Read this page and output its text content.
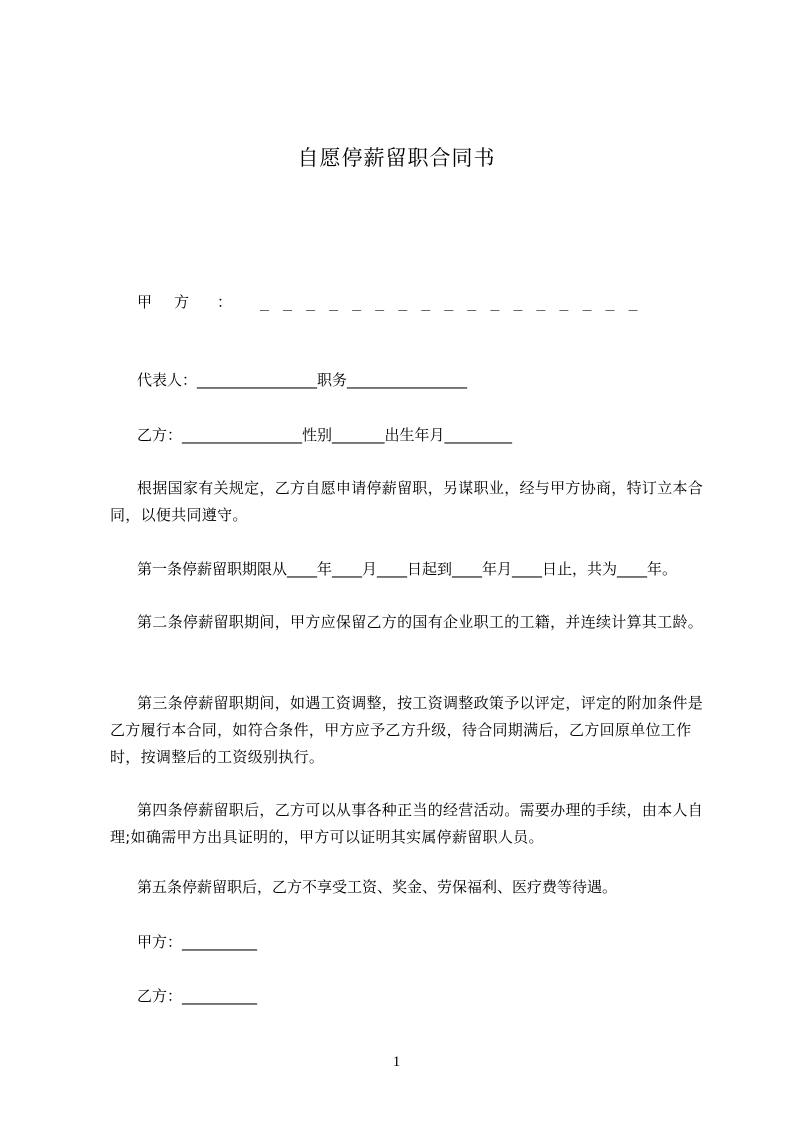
自愿停薪留职合同书
甲方 ： _________________
代表人：________________职务________________
乙方：________________性别_______出生年月_________
根据国家有关规定，乙方自愿申请停薪留职，另谋职业，经与甲方协商，特订立本合同，以便共同遵守。
第一条停薪留职期限从____年____月____日起到____年月____日止，共为____年。
第二条停薪留职期间，甲方应保留乙方的国有企业职工的工籍，并连续计算其工龄。
第三条停薪留职期间，如遇工资调整，按工资调整政策予以评定，评定的附加条件是乙方履行本合同，如符合条件，甲方应予乙方升级，待合同期满后，乙方回原单位工作时，按调整后的工资级别执行。
第四条停薪留职后，乙方可以从事各种正当的经营活动。需要办理的手续，由本人自理;如确需甲方出具证明的，甲方可以证明其实属停薪留职人员。
第五条停薪留职后，乙方不享受工资、奖金、劳保福利、医疗费等待遇。
甲方：__________
乙方：__________
1
